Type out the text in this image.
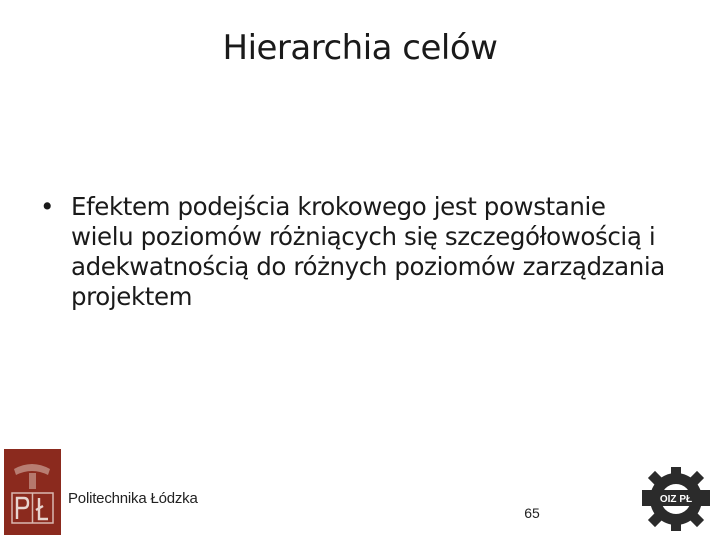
Hierarchia celów
• Efektem podejścia krokowego jest powstanie wielu poziomów różniących się szczegółowością i adekwatnością do różnych poziomów zarządzania projektem
Politechnika Łódzka
65
OIZ PŁ
